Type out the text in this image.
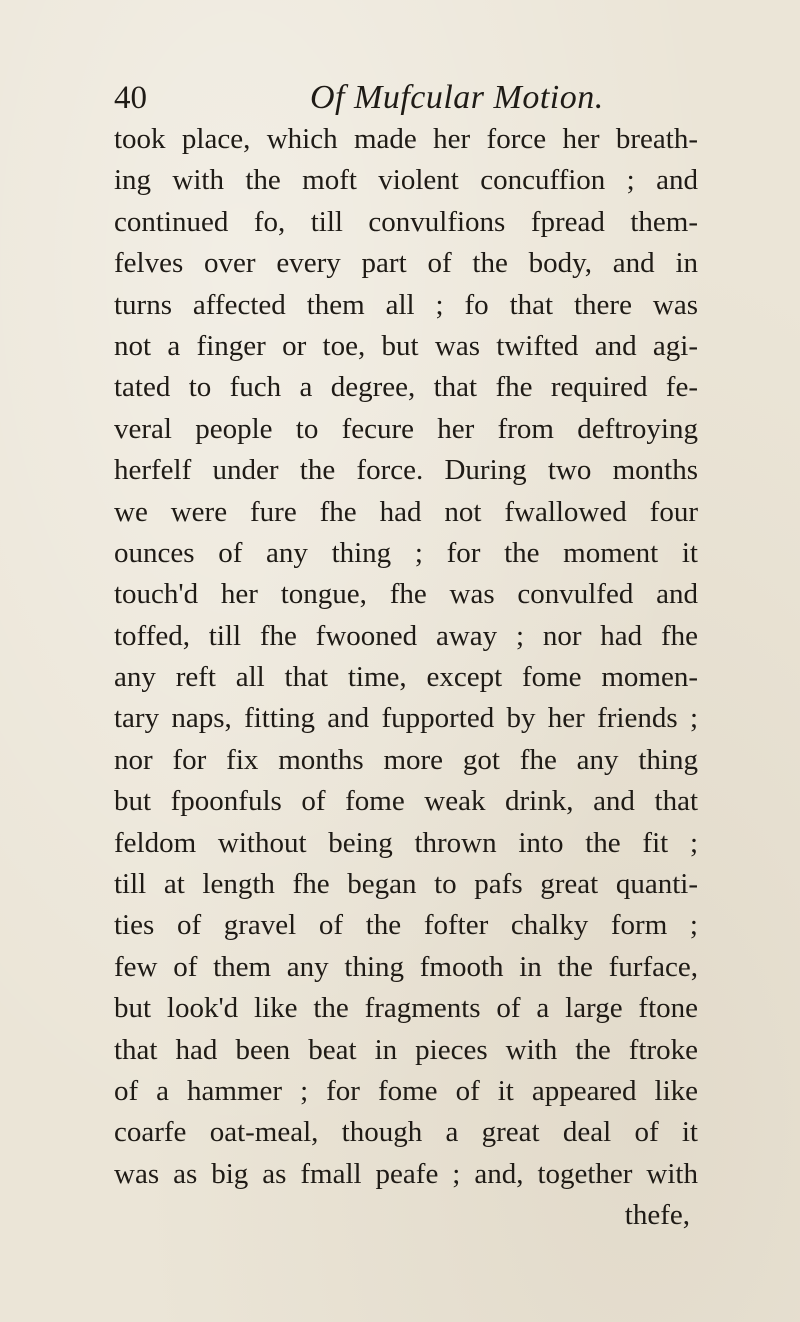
40	Of Mufcular Motion.
took place, which made her force her breath-
ing with the moft violent concuffion ; and
continued fo, till convulfions fpread them-
felves over every part of the body, and in
turns affected them all ; fo that there was
not a finger or toe, but was twifted and agi-
tated to fuch a degree, that fhe required fe-
veral people to fecure her from deftroying
herfelf under the force. During two months
we were fure fhe had not fwallowed four
ounces of any thing ; for the moment it
touch'd her tongue, fhe was convulfed and
toffed, till fhe fwooned away ; nor had fhe
any reft all that time, except fome momen-
tary naps, fitting and fupported by her friends ;
nor for fix months more got fhe any thing
but fpoonfuls of fome weak drink, and that
feldom without being thrown into the fit ;
till at length fhe began to pafs great quanti-
ties of gravel of the fofter chalky form ;
few of them any thing fmooth in the furface,
but look'd like the fragments of a large ftone
that had been beat in pieces with the ftroke
of a hammer ; for fome of it appeared like
coarfe oat-meal, though a great deal of it
was as big as fmall peafe ; and, together with
thefe,
